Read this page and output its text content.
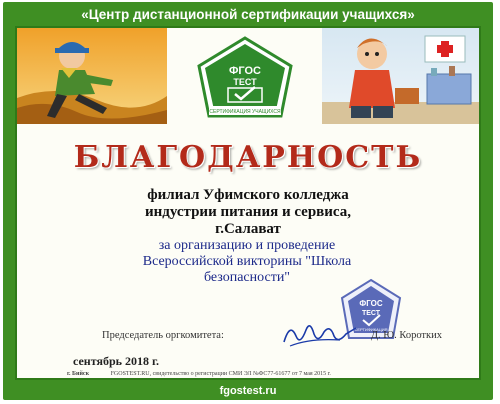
«Центр дистанционной сертификации учащихся»
ФГОС
ТЕСТ
СЕРТИФИКАЦИЯ УЧАЩИХСЯ
БЛАГОДАРНОСТЬ
филиал Уфимского колледжа
индустрии питания и сервиса,
г.Салават
за организацию и проведение
Всероссийской викторины "Школа
безопасности"
ФГОС
ТЕСТ
СЕРТИФИКАЦИЯ
Председатель оргкомитета:	Д. Ю. Коротких
сентябрь 2018 г.
г. Бийск	FGOSTEST.RU, свидетельство о регистрации СМИ ЭЛ №ФС77-61677 от 7 мая 2015 г.
fgostest.ru
